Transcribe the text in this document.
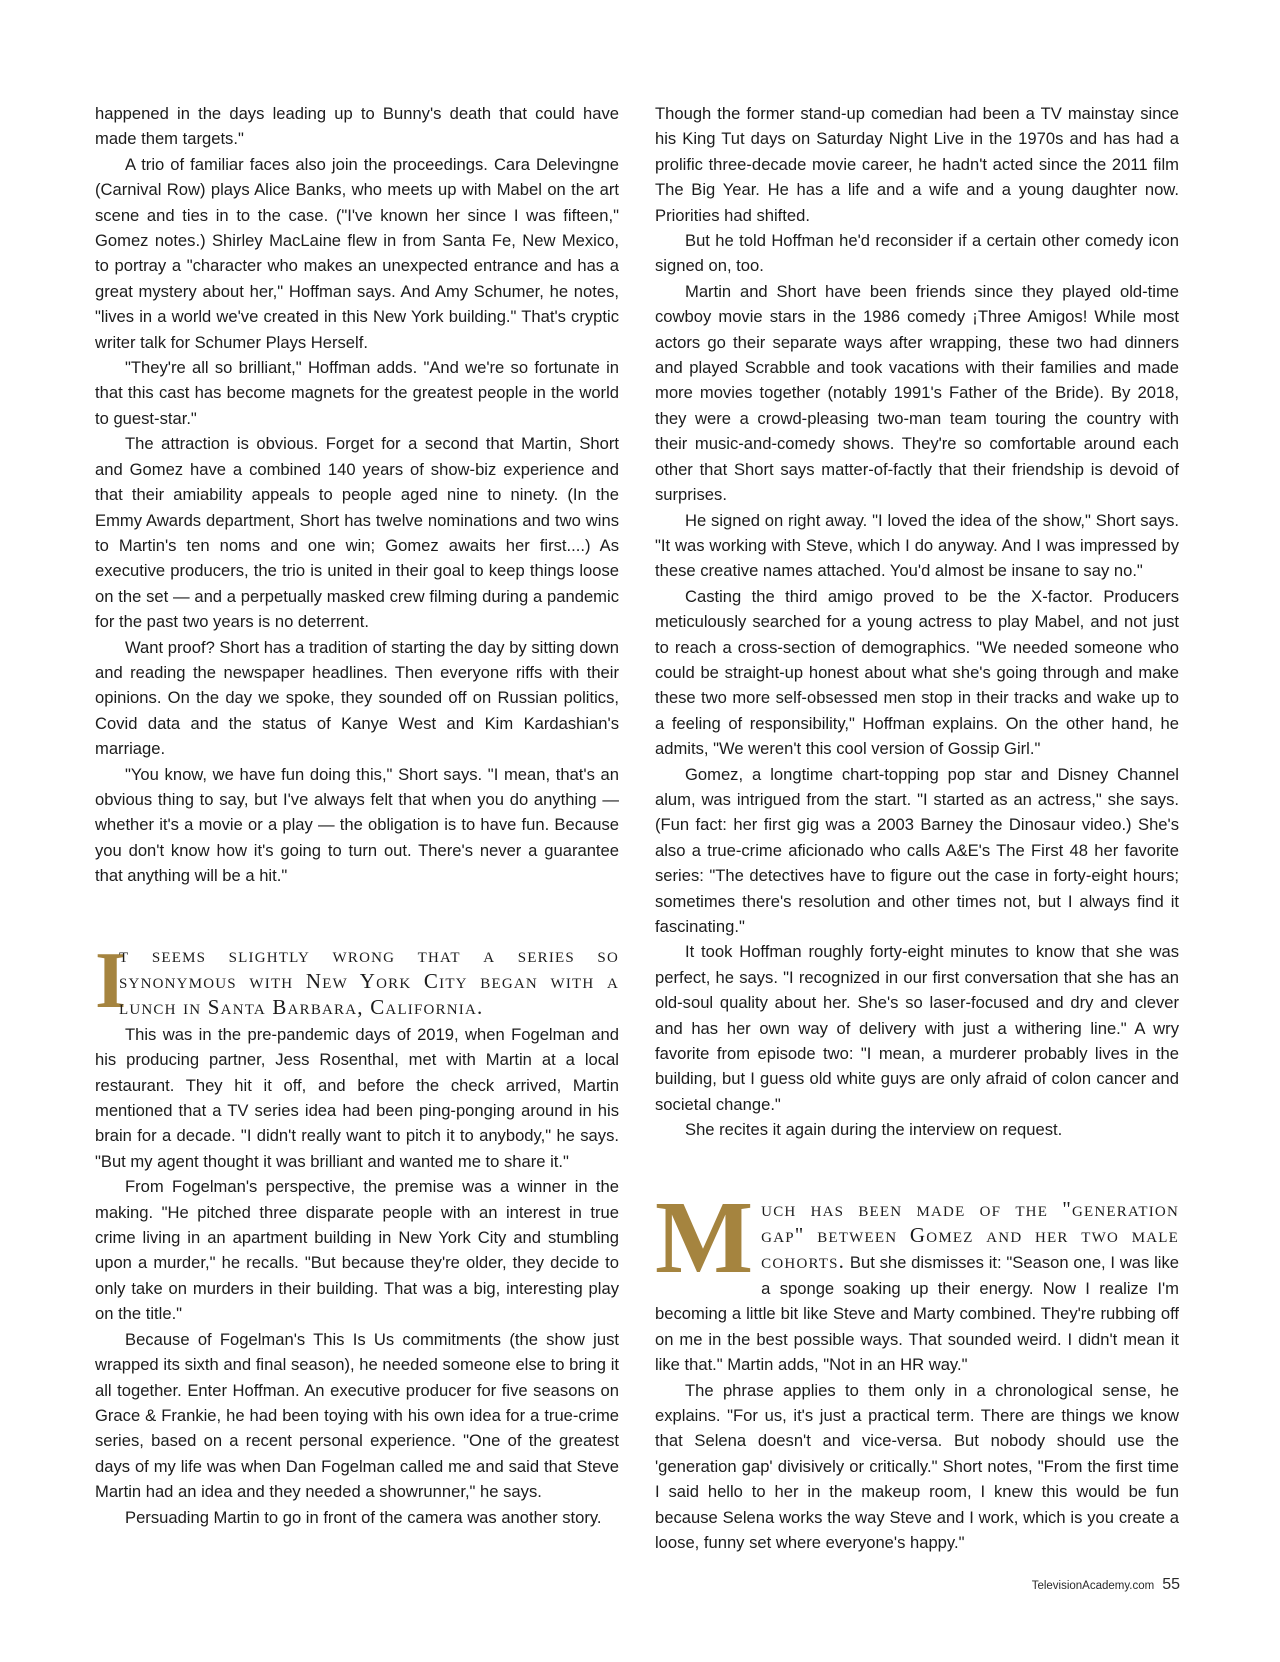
happened in the days leading up to Bunny's death that could have made them targets."

A trio of familiar faces also join the proceedings. Cara Delevingne (Carnival Row) plays Alice Banks, who meets up with Mabel on the art scene and ties in to the case. ("I've known her since I was fifteen," Gomez notes.) Shirley MacLaine flew in from Santa Fe, New Mexico, to portray a "character who makes an unexpected entrance and has a great mystery about her," Hoffman says. And Amy Schumer, he notes, "lives in a world we've created in this New York building." That's cryptic writer talk for Schumer Plays Herself.

"They're all so brilliant," Hoffman adds. "And we're so fortunate in that this cast has become magnets for the greatest people in the world to guest-star."

The attraction is obvious. Forget for a second that Martin, Short and Gomez have a combined 140 years of show-biz experience and that their amiability appeals to people aged nine to ninety. (In the Emmy Awards department, Short has twelve nominations and two wins to Martin's ten noms and one win; Gomez awaits her first....) As executive producers, the trio is united in their goal to keep things loose on the set — and a perpetually masked crew filming during a pandemic for the past two years is no deterrent.

Want proof? Short has a tradition of starting the day by sitting down and reading the newspaper headlines. Then everyone riffs with their opinions. On the day we spoke, they sounded off on Russian politics, Covid data and the status of Kanye West and Kim Kardashian's marriage.

"You know, we have fun doing this," Short says. "I mean, that's an obvious thing to say, but I've always felt that when you do anything — whether it's a movie or a play — the obligation is to have fun. Because you don't know how it's going to turn out. There's never a guarantee that anything will be a hit."

I

t seems slightly wrong that a series so synonymous with New York City began with a lunch in Santa Barbara, California.

This was in the pre-pandemic days of 2019, when Fogelman and his producing partner, Jess Rosenthal, met with Martin at a local restaurant. They hit it off, and before the check arrived, Martin mentioned that a TV series idea had been ping-ponging around in his brain for a decade. "I didn't really want to pitch it to anybody," he says. "But my agent thought it was brilliant and wanted me to share it."

From Fogelman's perspective, the premise was a winner in the making. "He pitched three disparate people with an interest in true crime living in an apartment building in New York City and stumbling upon a murder," he recalls. "But because they're older, they decide to only take on murders in their building. That was a big, interesting play on the title."

Because of Fogelman's This Is Us commitments (the show just wrapped its sixth and final season), he needed someone else to bring it all together. Enter Hoffman. An executive producer for five seasons on Grace & Frankie, he had been toying with his own idea for a true-crime series, based on a recent personal experience. "One of the greatest days of my life was when Dan Fogelman called me and said that Steve Martin had an idea and they needed a showrunner," he says.

Persuading Martin to go in front of the camera was another story.

Though the former stand-up comedian had been a TV mainstay since his King Tut days on Saturday Night Live in the 1970s and has had a prolific three-decade movie career, he hadn't acted since the 2011 film The Big Year. He has a life and a wife and a young daughter now. Priorities had shifted.

But he told Hoffman he'd reconsider if a certain other comedy icon signed on, too.

Martin and Short have been friends since they played old-time cowboy movie stars in the 1986 comedy ¡Three Amigos! While most actors go their separate ways after wrapping, these two had dinners and played Scrabble and took vacations with their families and made more movies together (notably 1991's Father of the Bride). By 2018, they were a crowd-pleasing two-man team touring the country with their music-and-comedy shows. They're so comfortable around each other that Short says matter-of-factly that their friendship is devoid of surprises.

He signed on right away. "I loved the idea of the show," Short says. "It was working with Steve, which I do anyway. And I was impressed by these creative names attached. You'd almost be insane to say no."

Casting the third amigo proved to be the X-factor. Producers meticulously searched for a young actress to play Mabel, and not just to reach a cross-section of demographics. "We needed someone who could be straight-up honest about what she's going through and make these two more self-obsessed men stop in their tracks and wake up to a feeling of responsibility," Hoffman explains. On the other hand, he admits, "We weren't this cool version of Gossip Girl."

Gomez, a longtime chart-topping pop star and Disney Channel alum, was intrigued from the start. "I started as an actress," she says. (Fun fact: her first gig was a 2003 Barney the Dinosaur video.) She's also a true-crime aficionado who calls A&E's The First 48 her favorite series: "The detectives have to figure out the case in forty-eight hours; sometimes there's resolution and other times not, but I always find it fascinating."

It took Hoffman roughly forty-eight minutes to know that she was perfect, he says. "I recognized in our first conversation that she has an old-soul quality about her. She's so laser-focused and dry and clever and has her own way of delivery with just a withering line." A wry favorite from episode two: "I mean, a murderer probably lives in the building, but I guess old white guys are only afraid of colon cancer and societal change."

She recites it again during the interview on request.

M uch has been made of the "generation gap" between Gomez and her two male cohorts. But she dismisses it: "Season one, I was like a sponge soaking up their energy. Now I realize I'm becoming a little bit like Steve and Marty combined. They're rubbing off on me in the best possible ways. That sounded weird. I didn't mean it like that." Martin adds, "Not in an HR way."

The phrase applies to them only in a chronological sense, he explains. "For us, it's just a practical term. There are things we know that Selena doesn't and vice-versa. But nobody should use the 'generation gap' divisively or critically." Short notes, "From the first time I said hello to her in the makeup room, I knew this would be fun because Selena works the way Steve and I work, which is you create a loose, funny set where everyone's happy."

TelevisionAcademy.com 55
